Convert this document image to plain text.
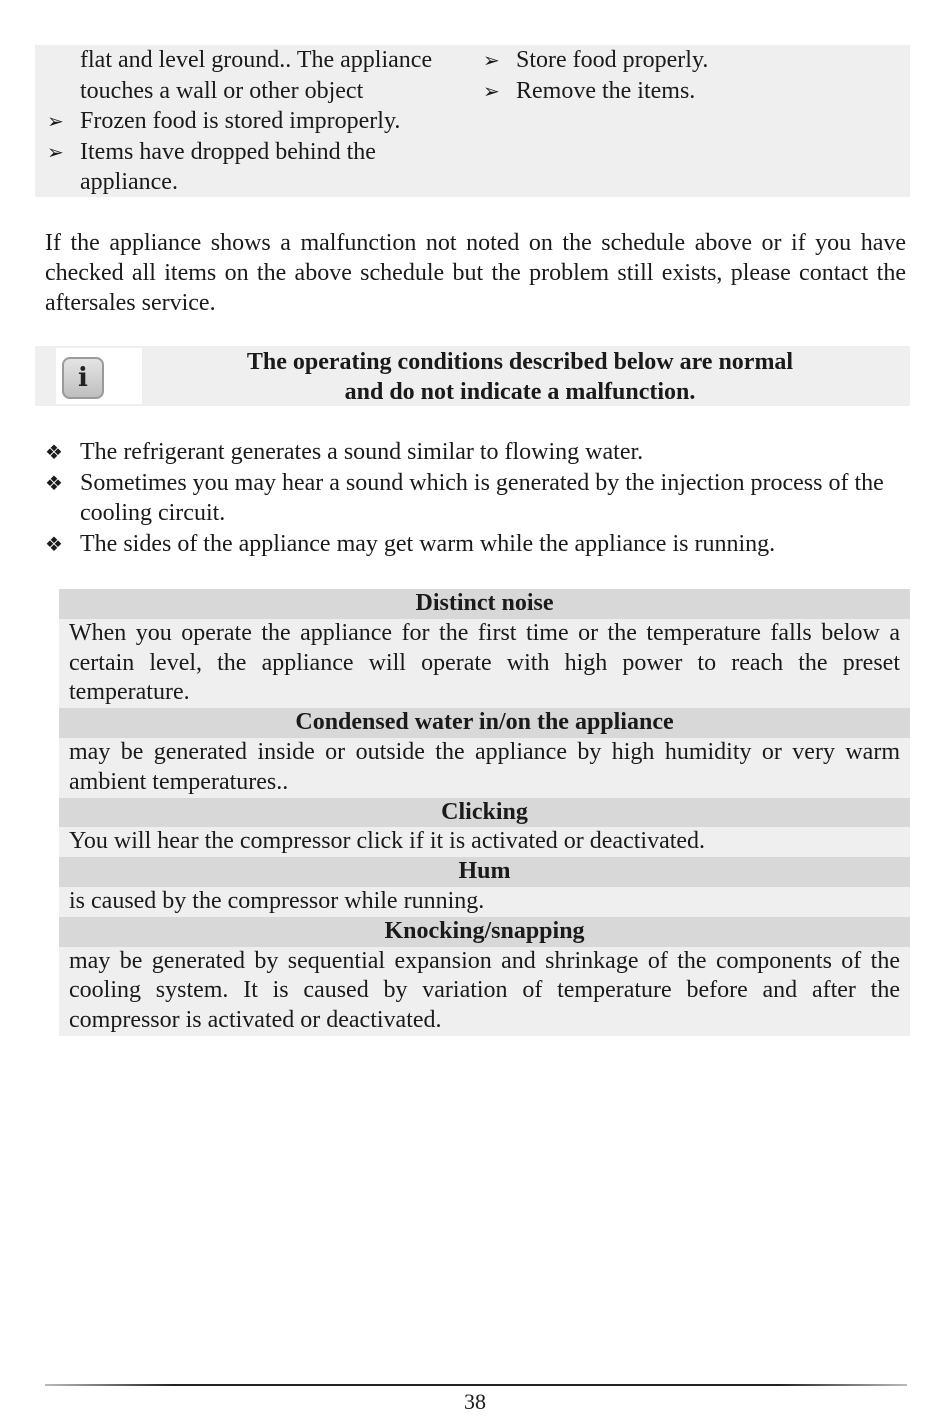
flat and level ground.. The appliance touches a wall or other object
➢ Frozen food is stored improperly.
➢ Items have dropped behind the appliance.
➢ Store food properly.
➢ Remove the items.
If the appliance shows a malfunction not noted on the schedule above or if you have checked all items on the above schedule but the problem still exists, please contact the aftersales service.
i
The operating conditions described below are normal
and do not indicate a malfunction.
❖ The refrigerant generates a sound similar to flowing water.
❖ Sometimes you may hear a sound which is generated by the injection process of the cooling circuit.
❖ The sides of the appliance may get warm while the appliance is running.
Distinct noise
When you operate the appliance for the first time or the temperature falls below a certain level, the appliance will operate with high power to reach the preset temperature.
Condensed water in/on the appliance
may be generated inside or outside the appliance by high humidity or very warm ambient temperatures..
Clicking
You will hear the compressor click if it is activated or deactivated.
Hum
is caused by the compressor while running.
Knocking/snapping
may be generated by sequential expansion and shrinkage of the components of the cooling system. It is caused by variation of temperature before and after the compressor is activated or deactivated.
38
